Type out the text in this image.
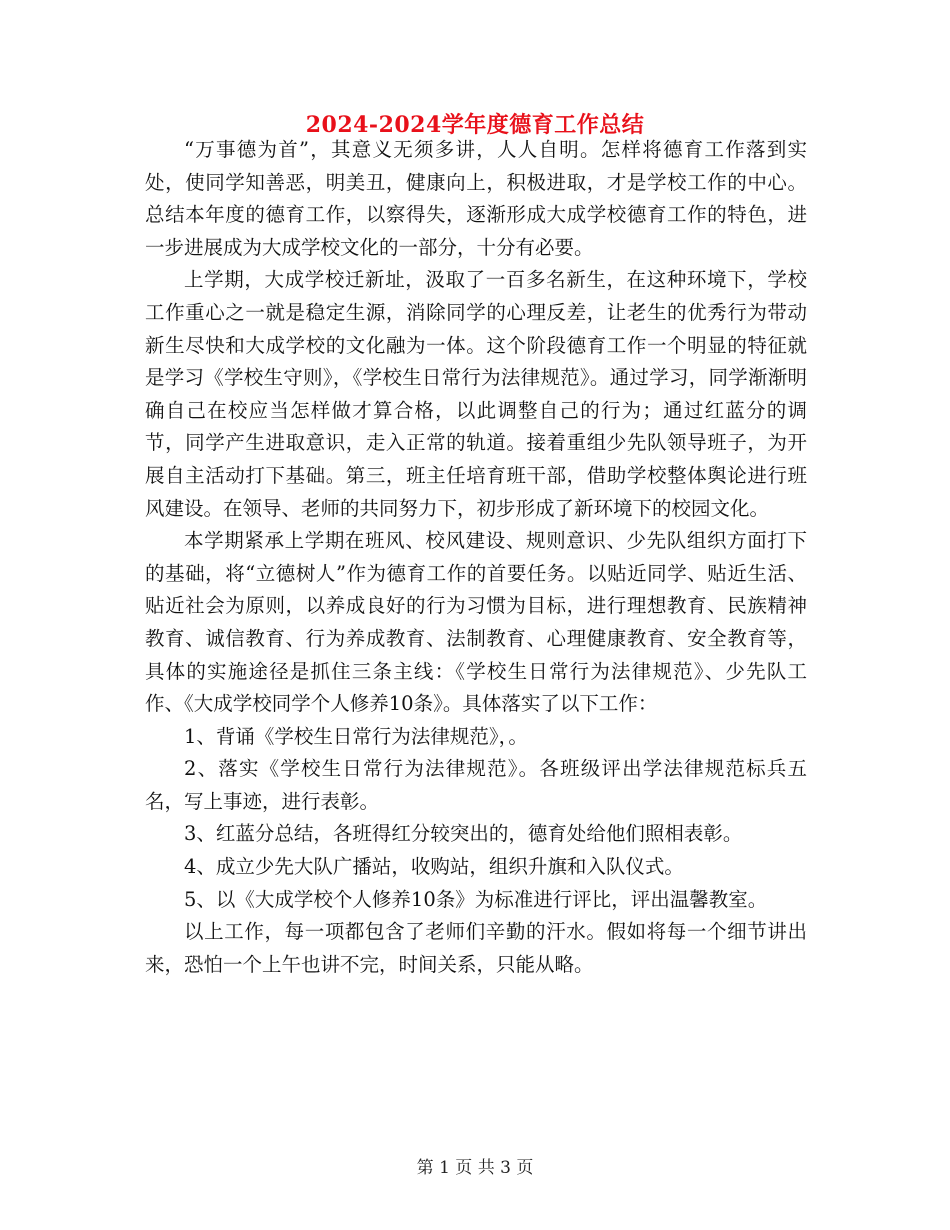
2024-2024学年度德育工作总结

“万事德为首”，其意义无须多讲，人人自明。怎样将德育工作落到实处，使同学知善恶，明美丑，健康向上，积极进取，才是学校工作的中心。总结本年度的德育工作，以察得失，逐渐形成大成学校德育工作的特色，进一步进展成为大成学校文化的一部分，十分有必要。

上学期，大成学校迁新址，汲取了一百多名新生，在这种环境下，学校工作重心之一就是稳定生源，消除同学的心理反差，让老生的优秀行为带动新生尽快和大成学校的文化融为一体。这个阶段德育工作一个明显的特征就是学习《学校生守则》，《学校生日常行为法律规范》。通过学习，同学渐渐明确自己在校应当怎样做才算合格，以此调整自己的行为；通过红蓝分的调节，同学产生进取意识，走入正常的轨道。接着重组少先队领导班子，为开展自主活动打下基础。第三，班主任培育班干部，借助学校整体舆论进行班风建设。在领导、老师的共同努力下，初步形成了新环境下的校园文化。

本学期紧承上学期在班风、校风建设、规则意识、少先队组织方面打下的基础，将“立德树人”作为德育工作的首要任务。以贴近同学、贴近生活、贴近社会为原则，以养成良好的行为习惯为目标，进行理想教育、民族精神教育、诚信教育、行为养成教育、法制教育、心理健康教育、安全教育等，具体的实施途径是抓住三条主线：《学校生日常行为法律规范》、少先队工作、《大成学校同学个人修养10条》。具体落实了以下工作：

1、背诵《学校生日常行为法律规范》，。

2、落实《学校生日常行为法律规范》。各班级评出学法律规范标兵五名，写上事迹，进行表彰。

3、红蓝分总结，各班得红分较突出的，德育处给他们照相表彰。

4、成立少先大队广播站，收购站，组织升旗和入队仪式。

5、以《大成学校个人修养10条》为标准进行评比，评出温馨教室。

以上工作，每一项都包含了老师们辛勤的汗水。假如将每一个细节讲出来，恐怕一个上午也讲不完，时间关系，只能从略。

第 1 页 共 3 页
